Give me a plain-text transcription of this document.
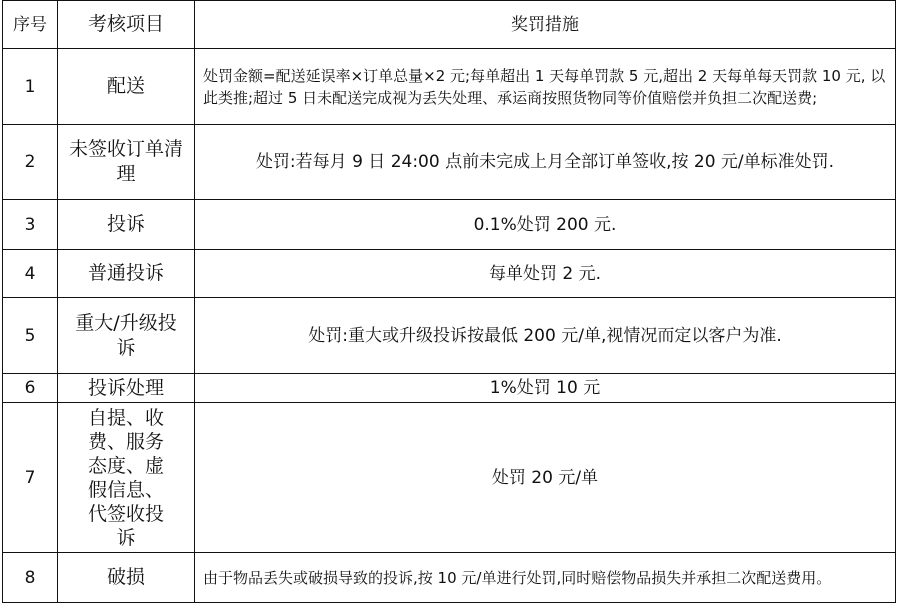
序号	考核项目	奖罚措施
1	配送	处罚金额=配送延误率×订单总量×2 元;每单超出 1 天每单罚款 5 元,超出 2 天每单每天罚款 10 元, 以此类推;超过 5 日未配送完成视为丢失处理、承运商按照货物同等价值赔偿并负担二次配送费;
2	未签收订单清理	处罚:若每月 9 日 24:00 点前未完成上月全部订单签收,按 20 元/单标准处罚.
3	投诉	0.1%处罚 200 元.
4	普通投诉	每单处罚 2 元.
5	重大/升级投诉	处罚:重大或升级投诉按最低 200 元/单,视情况而定以客户为准.
6	投诉处理	1%处罚 10 元
7	自提、收费、服务态度、虚假信息、代签收投诉	处罚 20 元/单
8	破损	由于物品丢失或破损导致的投诉,按 10 元/单进行处罚,同时赔偿物品损失并承担二次配送费用。
